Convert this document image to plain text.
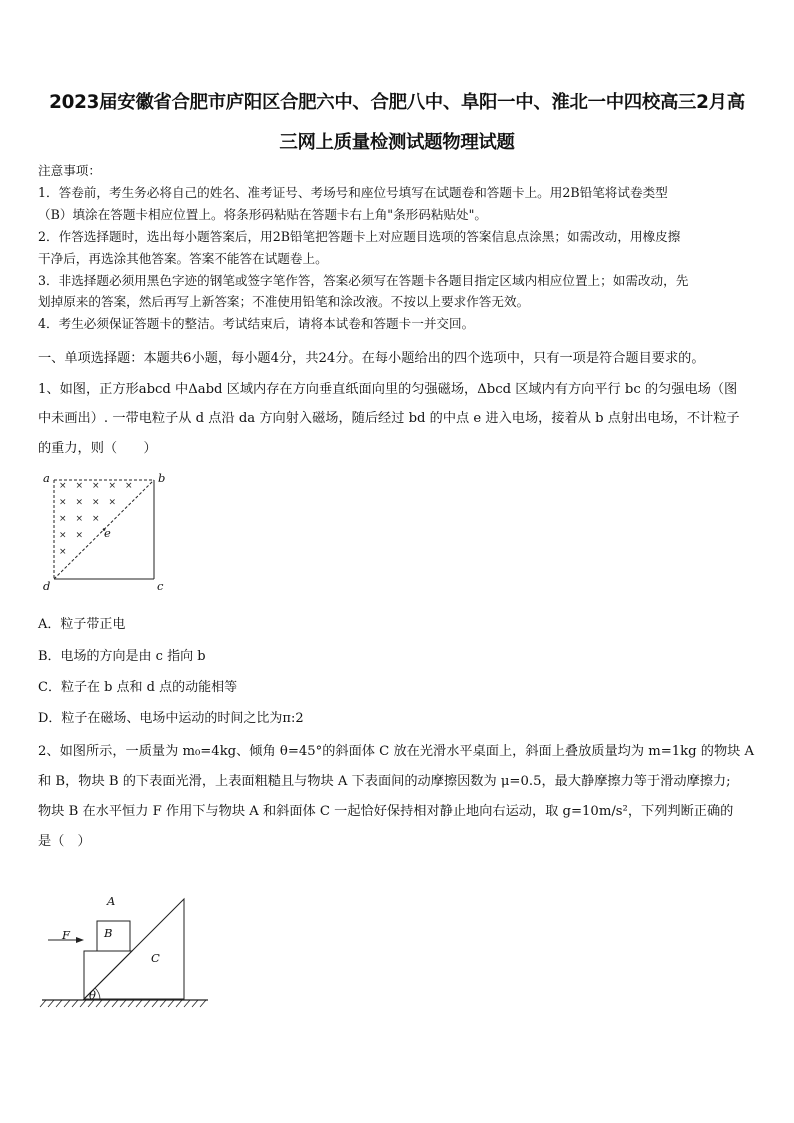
2023届安徽省合肥市庐阳区合肥六中、合肥八中、阜阳一中、淮北一中四校高三2月高
三网上质量检测试题物理试题
注意事项：
1．答卷前，考生务必将自己的姓名、准考证号、考场号和座位号填写在试题卷和答题卡上。用2B铅笔将试卷类型
（B）填涂在答题卡相应位置上。将条形码粘贴在答题卡右上角"条形码粘贴处"。
2．作答选择题时，选出每小题答案后，用2B铅笔把答题卡上对应题目选项的答案信息点涂黑；如需改动，用橡皮擦
干净后，再选涂其他答案。答案不能答在试题卷上。
3．非选择题必须用黑色字迹的钢笔或签字笔作答，答案必须写在答题卡各题目指定区域内相应位置上；如需改动，先
划掉原来的答案，然后再写上新答案；不准使用铅笔和涂改液。不按以上要求作答无效。
4．考生必须保证答题卡的整洁。考试结束后，请将本试卷和答题卡一并交回。
一、单项选择题：本题共6小题，每小题4分，共24分。在每小题给出的四个选项中，只有一项是符合题目要求的。
1、如图，正方形abcd 中Δabd 区域内存在方向垂直纸面向里的匀强磁场，Δbcd 区域内有方向平行 bc 的匀强电场（图
中未画出）. 一带电粒子从 d 点沿 da 方向射入磁场，随后经过 bd 的中点 e 进入电场，接着从 b 点射出电场，不计粒子
的重力，则（　　）
× × × × ×
× × × ×
× × ×
× ×
×
a	b
d	c
e
A．粒子带正电
B．电场的方向是由 c 指向 b
C．粒子在 b 点和 d 点的动能相等
D．粒子在磁场、电场中运动的时间之比为π:2
2、如图所示，一质量为 m₀=4kg、倾角 θ=45°的斜面体 C 放在光滑水平桌面上，斜面上叠放质量均为 m=1kg 的物块 A
和 B，物块 B 的下表面光滑，上表面粗糙且与物块 A 下表面间的动摩擦因数为 μ=0.5，最大静摩擦力等于滑动摩擦力;
物块 B 在水平恒力 F 作用下与物块 A 和斜面体 C 一起恰好保持相对静止地向右运动，取 g=10m/s²，下列判断正确的
是（　）
A
B
C
F
θ
